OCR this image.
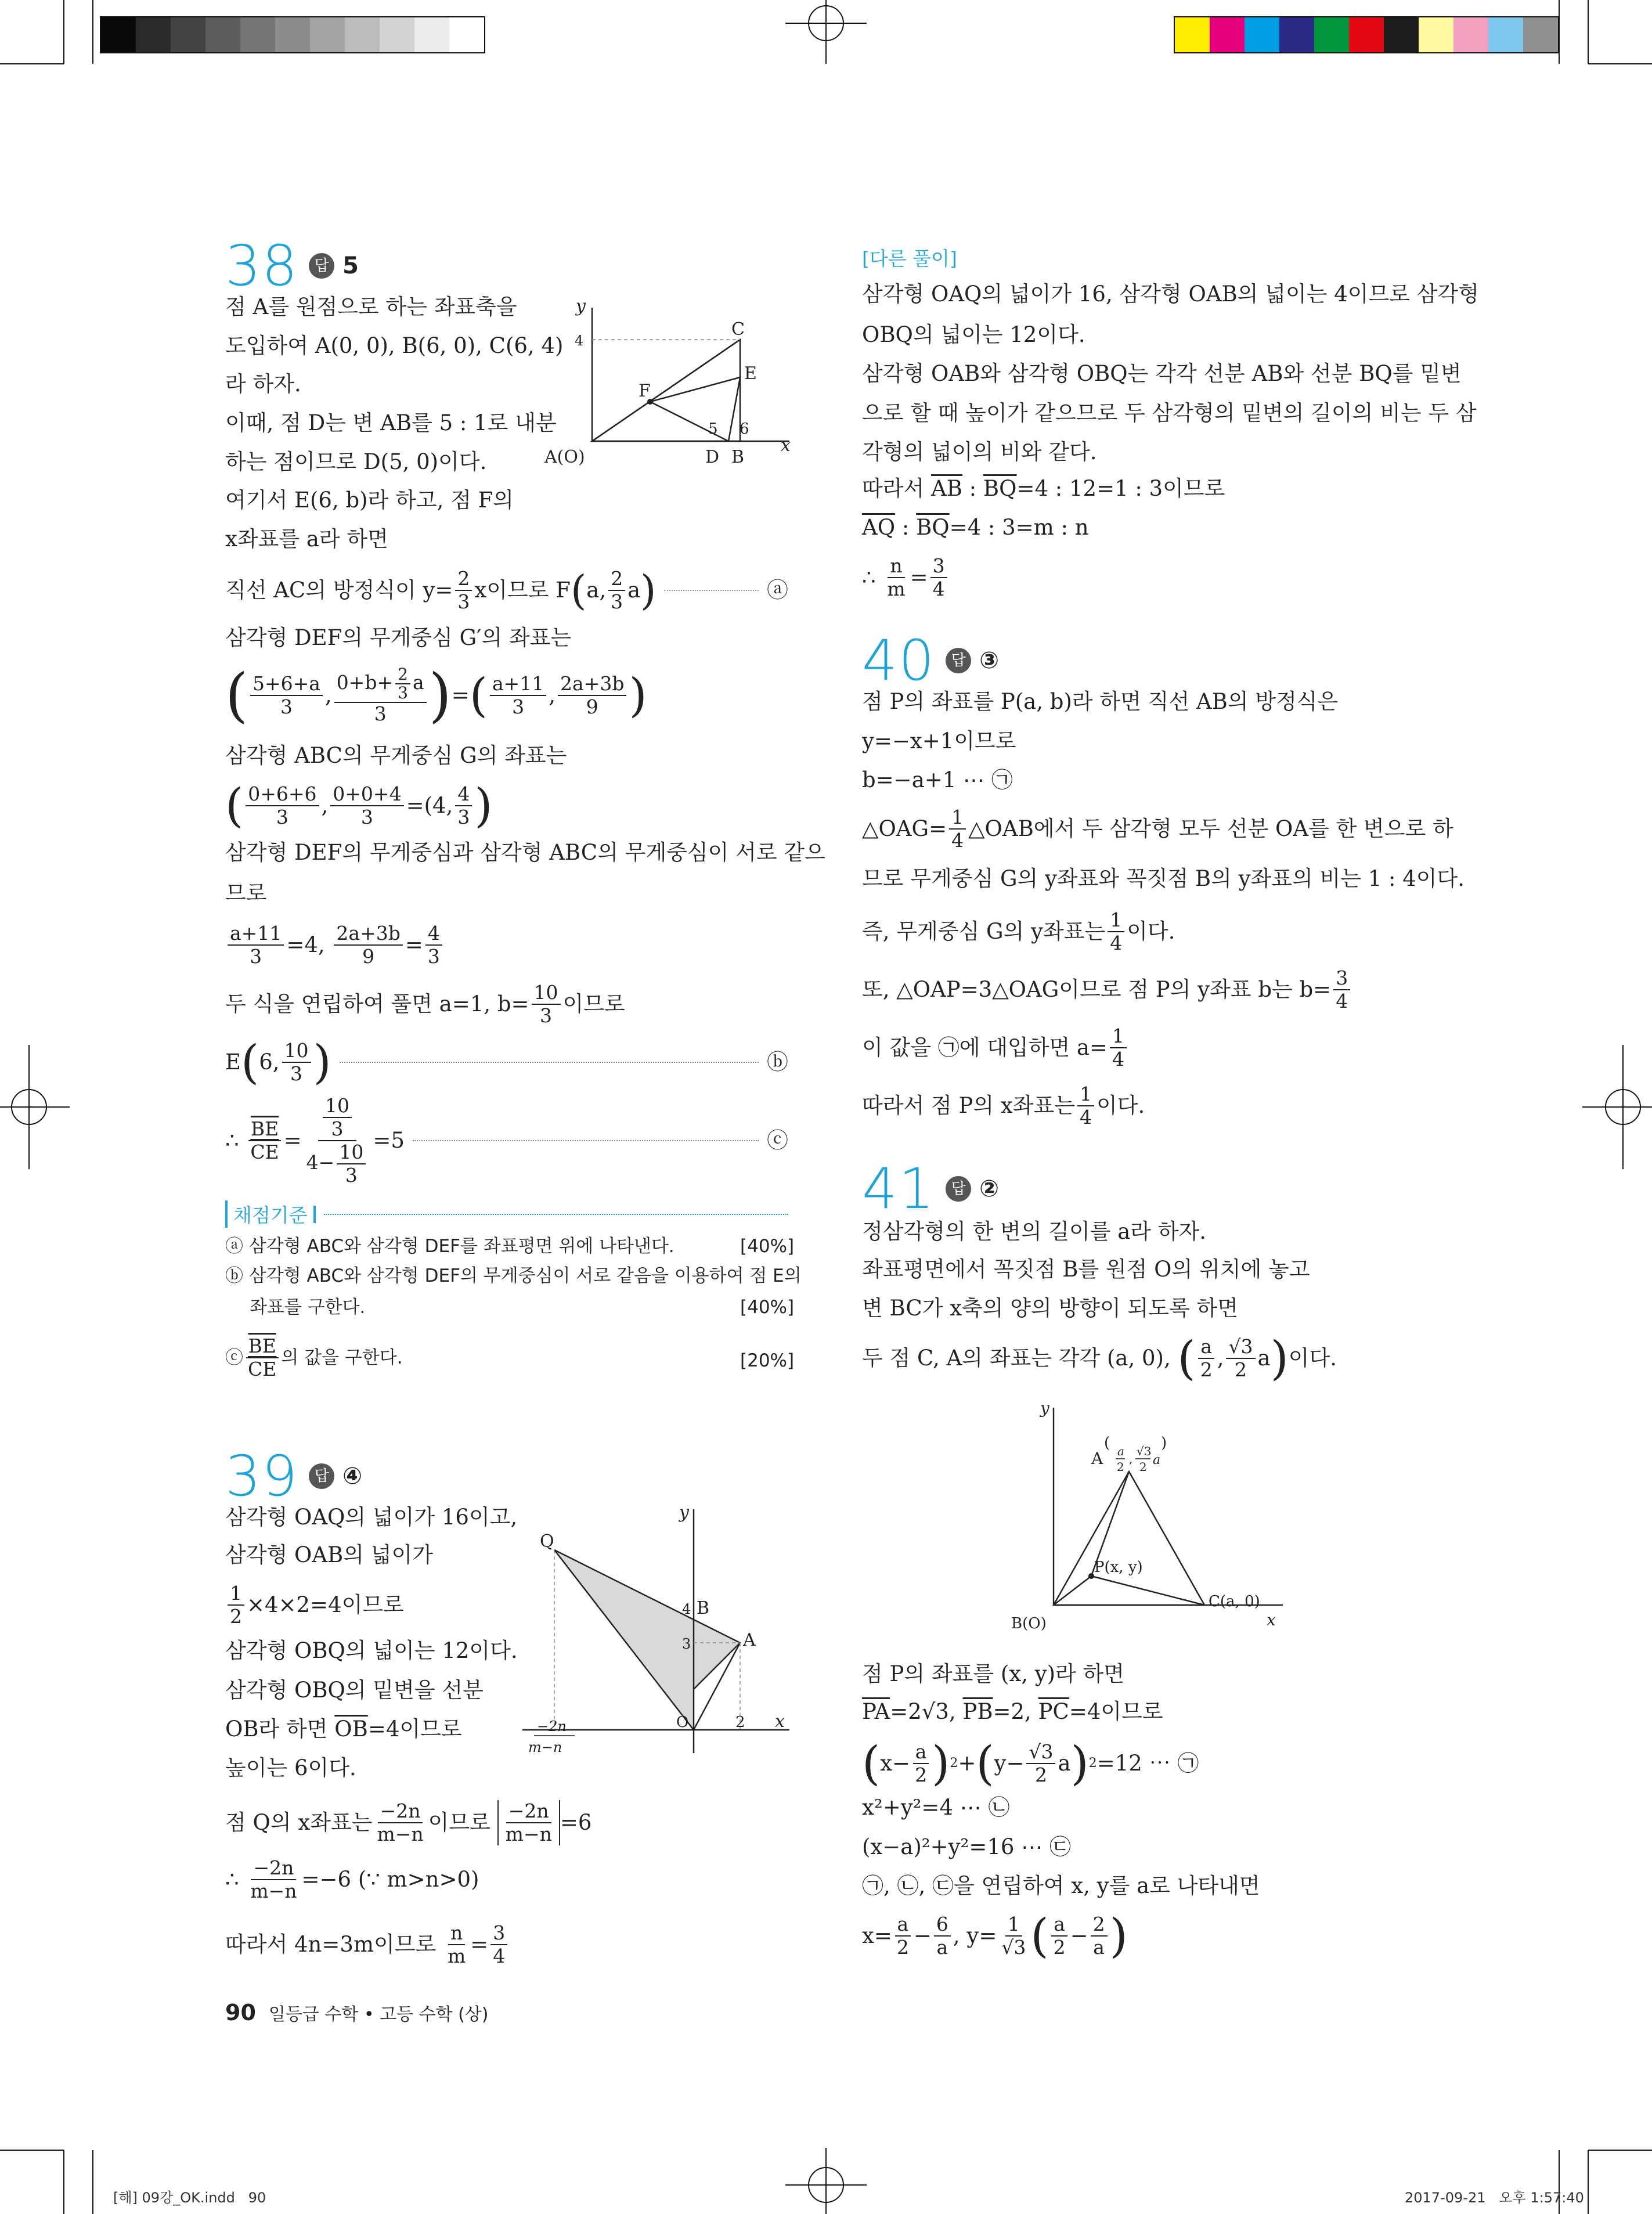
38	답 5
점 A를 원점으로 하는 좌표축을
도입하여 A(0, 0), B(6, 0), C(6, 4)
라 하자.
이때, 점 D는 변 AB를 5 : 1로 내분
하는 점이므로 D(5, 0)이다.
여기서 E(6, b)라 하고, 점 F의
x좌표를 a라 하면
y
x
4
C
E
F
5 6
A(O)	D B
직선 AC의 방정식이 $y= \frac{2}{3}$ x이므로 F ( a, $\frac{2}{3}$ a )	ⓐ
삼각형 DEF의 무게중심 G′의 좌표는
( $\frac{5+6+a}{3}$ , $\frac{0+b+ \frac{2}{3} a}{3}$ ) = ( $\frac{a+11}{3}$ , $\frac{2a+3b}{9}$ )
삼각형 ABC의 무게중심 G의 좌표는
( $\frac{0+6+6}{3}$ , $\frac{0+0+4}{3} =(4$, $\frac{4}{3}$ )
삼각형 DEF의 무게중심과 삼각형 ABC의 무게중심이 서로 같으
므로
$\frac{a+11}{3} =4$,
$\frac{2a+3b}{9} = \frac{4}{3}$
두 식을 연립하여 풀면 a=1, $b= \frac{10}{3}$ 이므로
E ( 6, $\frac{10}{3}$ )	ⓑ
∴
$\frac{\overline{BE}}{CE} = \frac{\frac{10}{3}}{4- \frac{10}{3}} =5$	ⓒ
채점기준
ⓐ 삼각형 ABC와 삼각형 DEF를 좌표평면 위에 나타낸다.	[40%]
ⓑ 삼각형 ABC와 삼각형 DEF의 무게중심이 서로 같음을 이용하여 점 E의
좌표를 구한다.	[40%]
ⓒ $\frac{\overline{BE}}{CE}$ 의 값을 구한다.	[20%]
39	답 ④
삼각형 OAQ의 넓이가 16이고,
삼각형 OAB의 넓이가
$\frac{1}{2} \times 4\times 2=4$이므로
삼각형 OBQ의 넓이는 12이다.
삼각형 OBQ의 밑변을 선분
OB라 하면 $\overline{OB}=4$이므로
높이는 6이다.
y
x
Q
4 B
3	A
O	2
−2n
m−n
점 Q의 x좌표는 $\frac{-2n}{m-n}$ 이므로
$\frac{-2n}{m-n} =6$
∴
$\frac{-2n}{m-n} =-6$ (∵ m>n>0)
따라서 4n=3m이므로
$\frac{n}{m} = \frac{3}{4}$
[다른 풀이]
삼각형 OAQ의 넓이가 16, 삼각형 OAB의 넓이는 4이므로 삼각형
OBQ의 넓이는 12이다.
삼각형 OAB와 삼각형 OBQ는 각각 선분 AB와 선분 BQ를 밑변
으로 할 때 높이가 같으므로 두 삼각형의 밑변의 길이의 비는 두 삼
각형의 넓이의 비와 같다.
따라서 $\overline{AB}$ : $\overline{BQ}=4$ : 12=1 : 3이므로
$\overline{AQ}$ : $\overline{BQ}=4$ : 3=m : n
∴
$\frac{n}{m} = \frac{3}{4}$
40	답 ③
점 P의 좌표를 P(a, b)라 하면 직선 AB의 방정식은
y=−x+1이므로
b=−a+1 ⋯ ㉠
△OAG= $\frac{1}{4}$ △OAB에서 두 삼각형 모두 선분 OA를 한 변으로 하
므로 무게중심 G의 y좌표와 꼭짓점 B의 y좌표의 비는 1 : 4이다.
즉, 무게중심 G의 y좌표는 $\frac{1}{4}$ 이다.
또, △OAP=3△OAG이므로 점 P의 y좌표 b는 $b= \frac{3}{4}$
이 값을 ㉠에 대입하면 $a= \frac{1}{4}$
따라서 점 P의 x좌표는 $\frac{1}{4}$ 이다.
41	답 ②
정삼각형의 한 변의 길이를 a라 하자.
좌표평면에서 꼭짓점 B를 원점 O의 위치에 놓고
변 BC가 x축의 양의 방향이 되도록 하면
두 점 C, A의 좌표는 각각 (a, 0),
( $\frac{a}{2}$ , $\frac{√3}{2}$ a ) 이다.
y
x
A
( a
2
,
√3
2 a
)
P(x, y)
C(a, 0)
B(O)
점 P의 좌표를 (x, y)라 하면
$\overline{PA}=2√3$, $\overline{PB}=2$, $\overline{PC}=4$이므로
( $x- \frac{a}{2}$ ) 2 + ( $y- \frac{√3}{2}$ a ) 2 =12 ⋯ ㉠
x²+y²=4 ⋯ ㉡
(x−a)²+y²=16 ⋯ ㉢
㉠, ㉡, ㉢을 연립하여 x, y를 a로 나타내면
$x= \frac{a}{2} - \frac{6}{a}$ , $y= \frac{1}{√3}$ ( $\frac{a}{2} - \frac{2}{a}$ )
90 일등급 수학 • 고등 수학 (상)
[해] 09강_OK.indd   90	2017-09-21   오후 1:57:40
